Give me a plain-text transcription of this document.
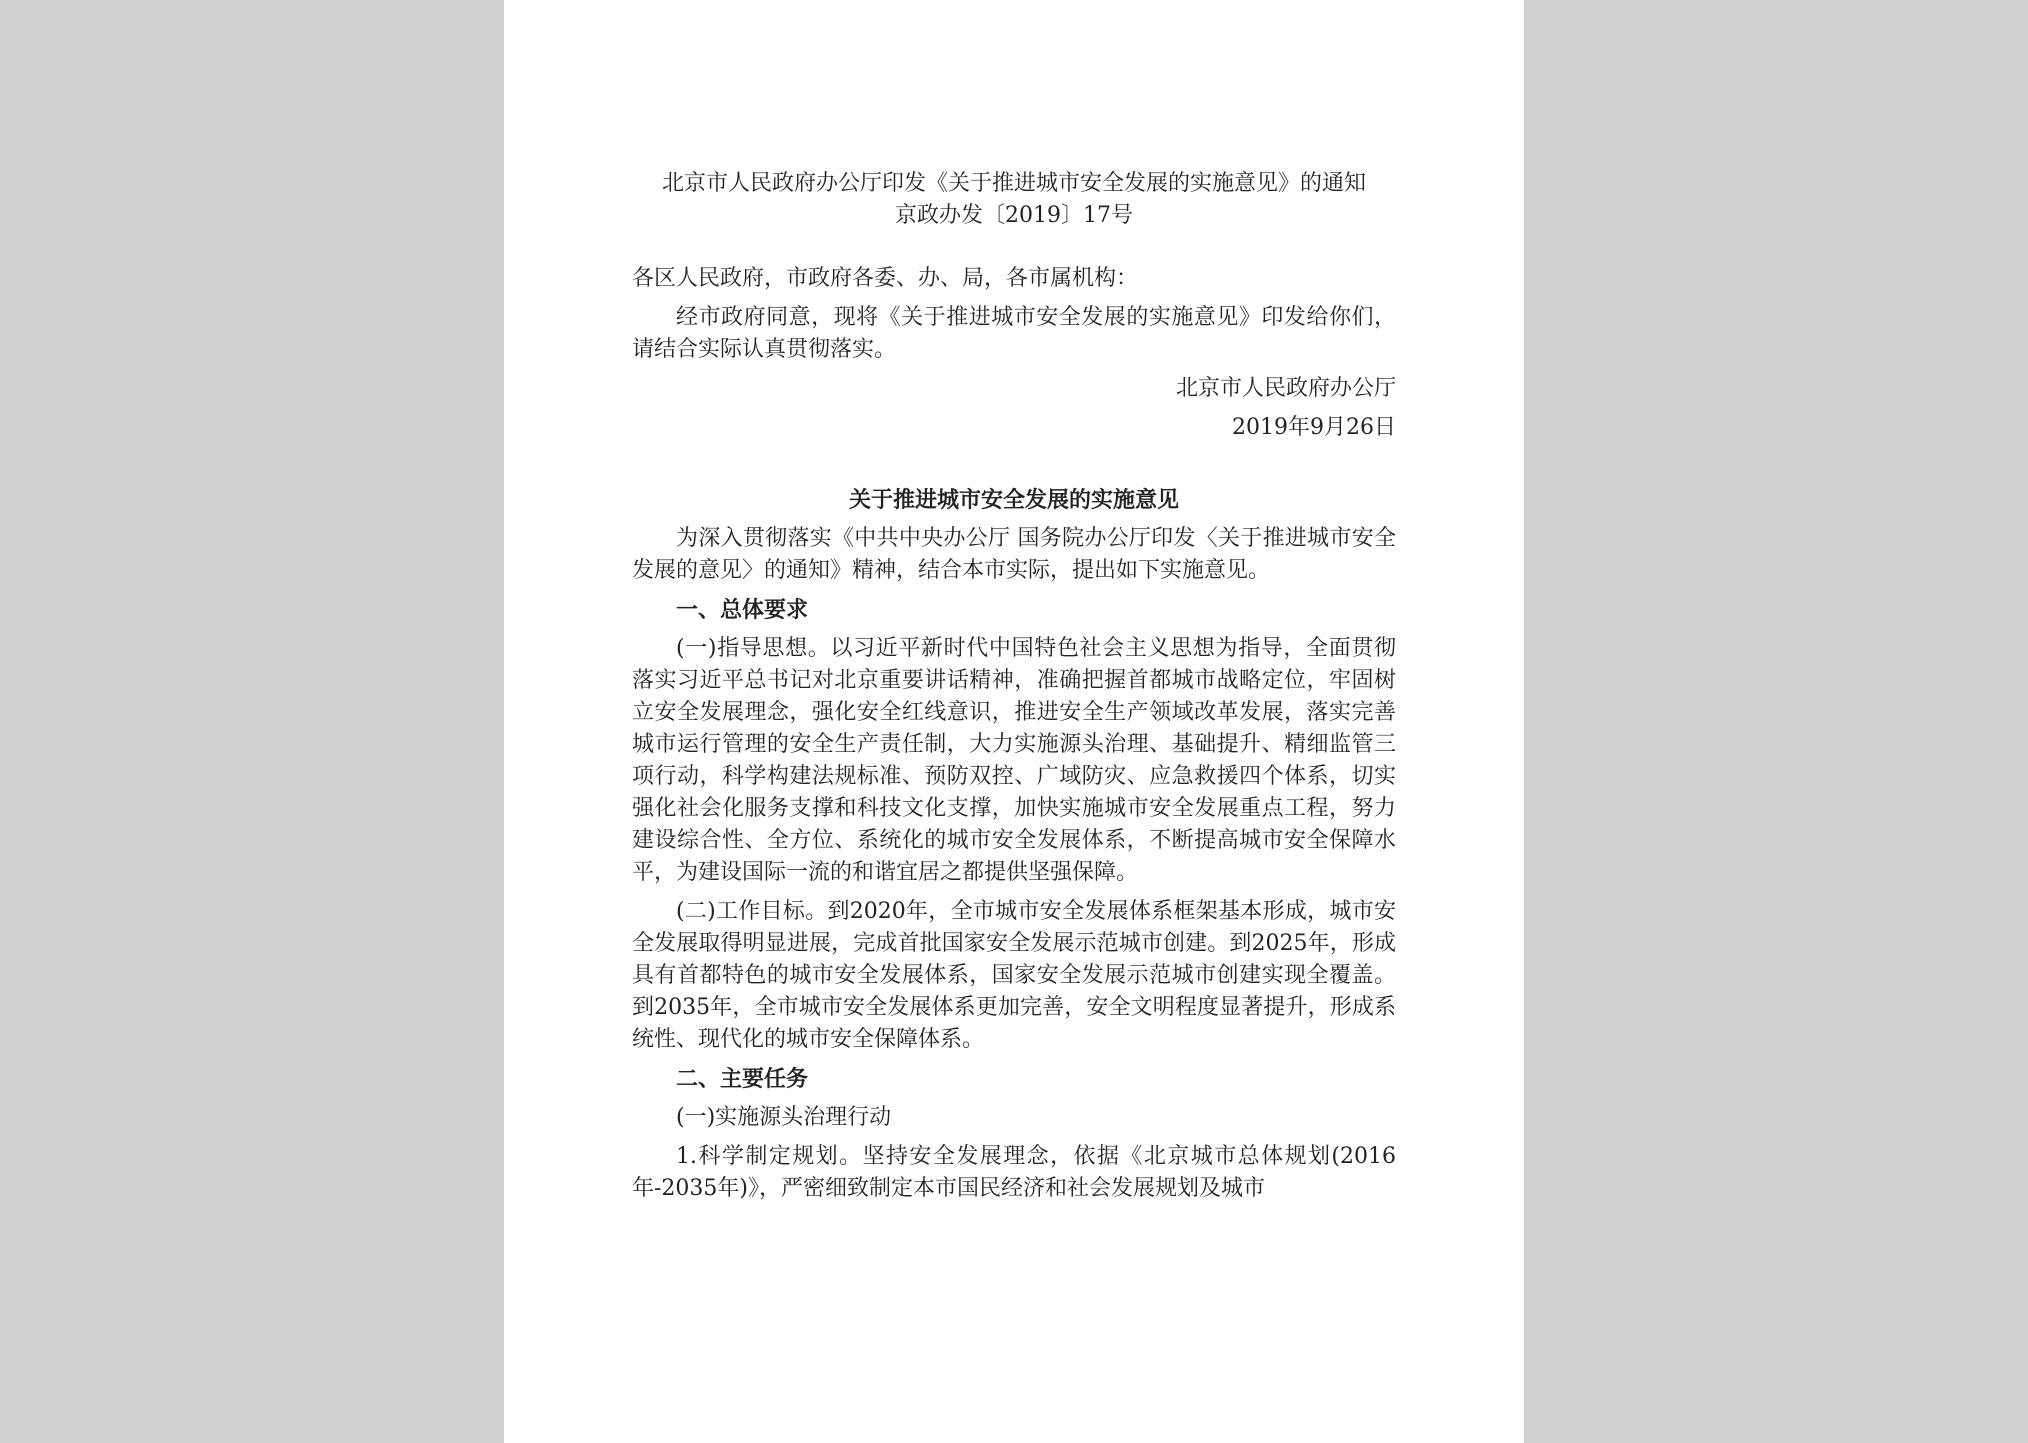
北京市人民政府办公厅印发《关于推进城市安全发展的实施意见》的通知

京政办发〔2019〕17号

各区人民政府，市政府各委、办、局，各市属机构：

经市政府同意，现将《关于推进城市安全发展的实施意见》印发给你们，请结合实际认真贯彻落实。

北京市人民政府办公厅

2019年9月26日

关于推进城市安全发展的实施意见

为深入贯彻落实《中共中央办公厅 国务院办公厅印发〈关于推进城市安全发展的意见〉的通知》精神，结合本市实际，提出如下实施意见。

一、总体要求

(一)指导思想。以习近平新时代中国特色社会主义思想为指导，全面贯彻落实习近平总书记对北京重要讲话精神，准确把握首都城市战略定位，牢固树立安全发展理念，强化安全红线意识，推进安全生产领域改革发展，落实完善城市运行管理的安全生产责任制，大力实施源头治理、基础提升、精细监管三项行动，科学构建法规标准、预防双控、广域防灾、应急救援四个体系，切实强化社会化服务支撑和科技文化支撑，加快实施城市安全发展重点工程，努力建设综合性、全方位、系统化的城市安全发展体系，不断提高城市安全保障水平，为建设国际一流的和谐宜居之都提供坚强保障。

(二)工作目标。到2020年，全市城市安全发展体系框架基本形成，城市安全发展取得明显进展，完成首批国家安全发展示范城市创建。到2025年，形成具有首都特色的城市安全发展体系，国家安全发展示范城市创建实现全覆盖。到2035年，全市城市安全发展体系更加完善，安全文明程度显著提升，形成系统性、现代化的城市安全保障体系。

二、主要任务

(一)实施源头治理行动

1.科学制定规划。坚持安全发展理念，依据《北京城市总体规划(2016年-2035年)》，严密细致制定本市国民经济和社会发展规划及城市
